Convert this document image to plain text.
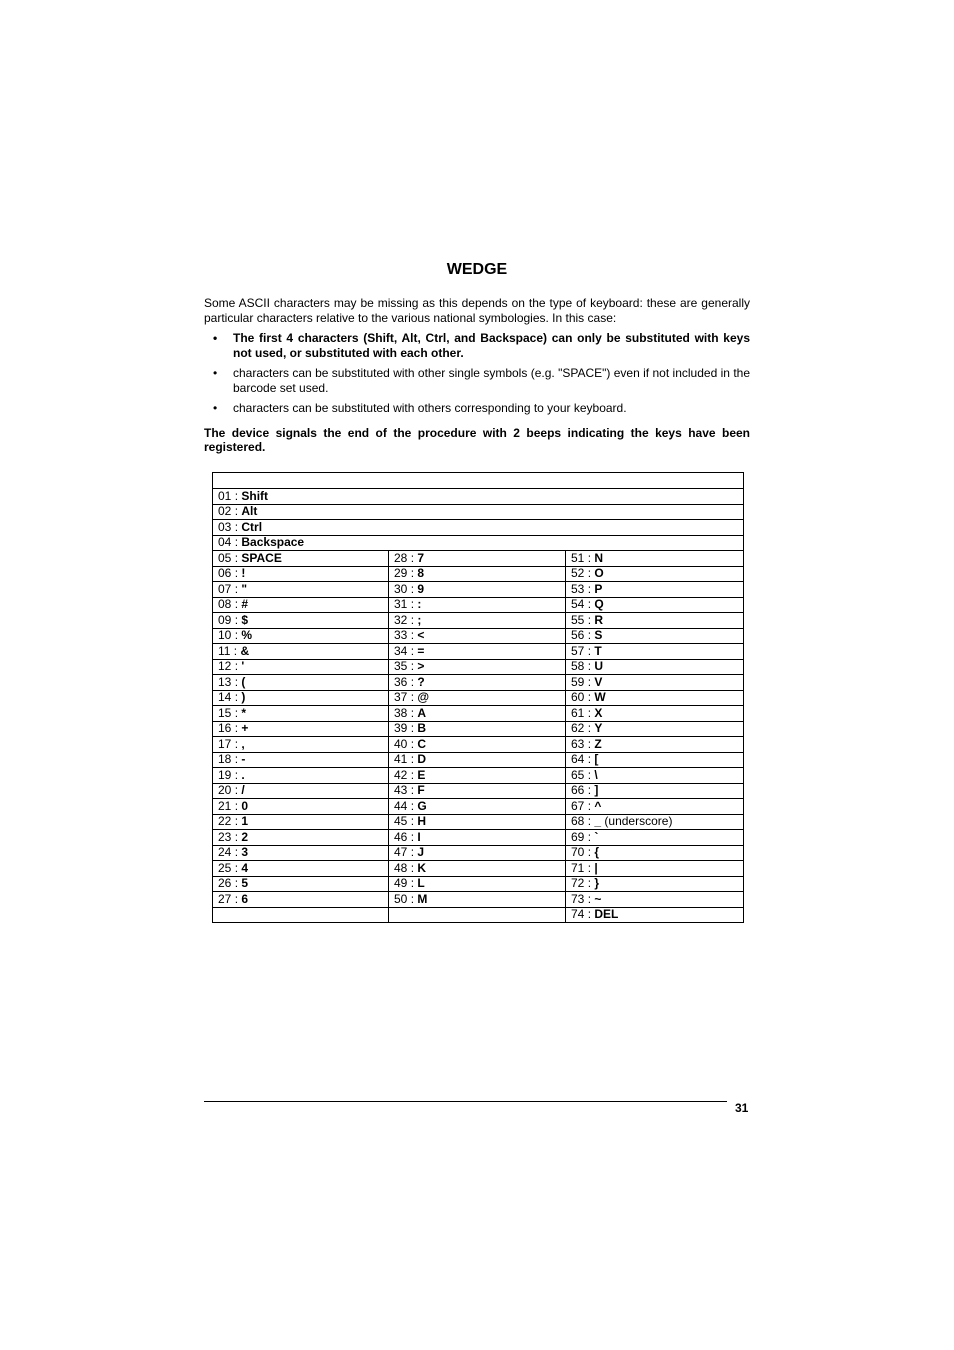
WEDGE

Some ASCII characters may be missing as this depends on the type of keyboard: these are generally particular characters relative to the various national symbologies. In this case:

• The first 4 characters (Shift, Alt, Ctrl, and Backspace) can only be substituted with keys not used, or substituted with each other.
• characters can be substituted with other single symbols (e.g. "SPACE") even if not included in the barcode set used.
• characters can be substituted with others corresponding to your keyboard.

The device signals the end of the procedure with 2 beeps indicating the keys have been registered.

01 : Shift		
02 : Alt		
03 : Ctrl		
04 : Backspace		
05 : SPACE	28 : 7	51 : N
06 : !	29 : 8	52 : O
07 : "	30 : 9	53 : P
08 : #	31 : :	54 : Q
09 : $	32 : ;	55 : R
10 : %	33 : <	56 : S
11 : &	34 : =	57 : T
12 : '	35 : >	58 : U
13 : (	36 : ?	59 : V
14 : )	37 : @	60 : W
15 : *	38 : A	61 : X
16 : +	39 : B	62 : Y
17 : ,	40 : C	63 : Z
18 : -	41 : D	64 : [
19 : .	42 : E	65 : \
20 : /	43 : F	66 : ]
21 : 0	44 : G	67 : ^
22 : 1	45 : H	68 : _ (underscore)
23 : 2	46 : I	69 : `
24 : 3	47 : J	70 : {
25 : 4	48 : K	71 : |
26 : 5	49 : L	72 : }
27 : 6	50 : M	73 : ~
		74 : DEL
31
